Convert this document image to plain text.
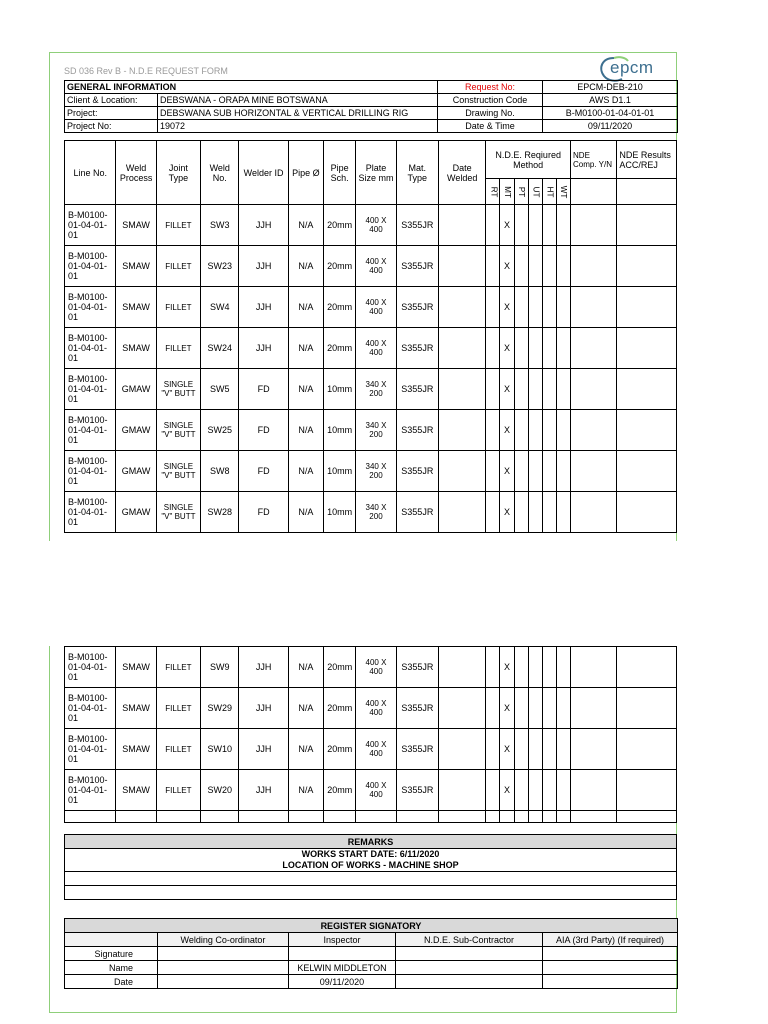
SD 036 Rev B - N.D.E REQUEST FORM	epcm
GENERAL INFORMATION		Request No:	EPCM-DEB-210
Client & Location:	DEBSWANA - ORAPA MINE BOTSWANA	Construction Code	AWS D1.1
Project:	DEBSWANA SUB HORIZONTAL & VERTICAL DRILLING RIG	Drawing No.	B-M0100-01-04-01-01
Project No:	19072	Date & Time	09/11/2020
Line No.	Weld Process	Joint Type	Weld No.	Welder ID	Pipe Ø	Pipe Sch.	Plate Size mm	Mat. Type	Date Welded	N.D.E. Reqiured Method						NDE Comp. Y/N	NDE Results ACC/REJ
										RT	MT	PT	UT	HT	WT		
B-M0100-01-04-01-01	SMAW	FILLET	SW3	JJH	N/A	20mm	400 X 400	S355JR			X						
B-M0100-01-04-01-01	SMAW	FILLET	SW23	JJH	N/A	20mm	400 X 400	S355JR			X						
B-M0100-01-04-01-01	SMAW	FILLET	SW4	JJH	N/A	20mm	400 X 400	S355JR			X						
B-M0100-01-04-01-01	SMAW	FILLET	SW24	JJH	N/A	20mm	400 X 400	S355JR			X						
B-M0100-01-04-01-01	GMAW	SINGLE "V" BUTT	SW5	FD	N/A	10mm	340 X 200	S355JR			X						
B-M0100-01-04-01-01	GMAW	SINGLE "V" BUTT	SW25	FD	N/A	10mm	340 X 200	S355JR			X						
B-M0100-01-04-01-01	GMAW	SINGLE "V" BUTT	SW8	FD	N/A	10mm	340 X 200	S355JR			X						
B-M0100-01-04-01-01	GMAW	SINGLE "V" BUTT	SW28	FD	N/A	10mm	340 X 200	S355JR			X						
B-M0100-01-04-01-01	SMAW	FILLET	SW9	JJH	N/A	20mm	400 X 400	S355JR			X						
B-M0100-01-04-01-01	SMAW	FILLET	SW29	JJH	N/A	20mm	400 X 400	S355JR			X						
B-M0100-01-04-01-01	SMAW	FILLET	SW10	JJH	N/A	20mm	400 X 400	S355JR			X						
B-M0100-01-04-01-01	SMAW	FILLET	SW20	JJH	N/A	20mm	400 X 400	S355JR			X						

REMARKS

WORKS START DATE: 6/11/2020
LOCATION OF WORKS - MACHINE SHOP

REGISTER SIGNATORY				
	Welding Co-ordinator	Inspector	N.D.E. Sub-Contractor	AIA (3rd Party) (If required)
Signature				
Name		KELWIN MIDDLETON		
Date		09/11/2020		
